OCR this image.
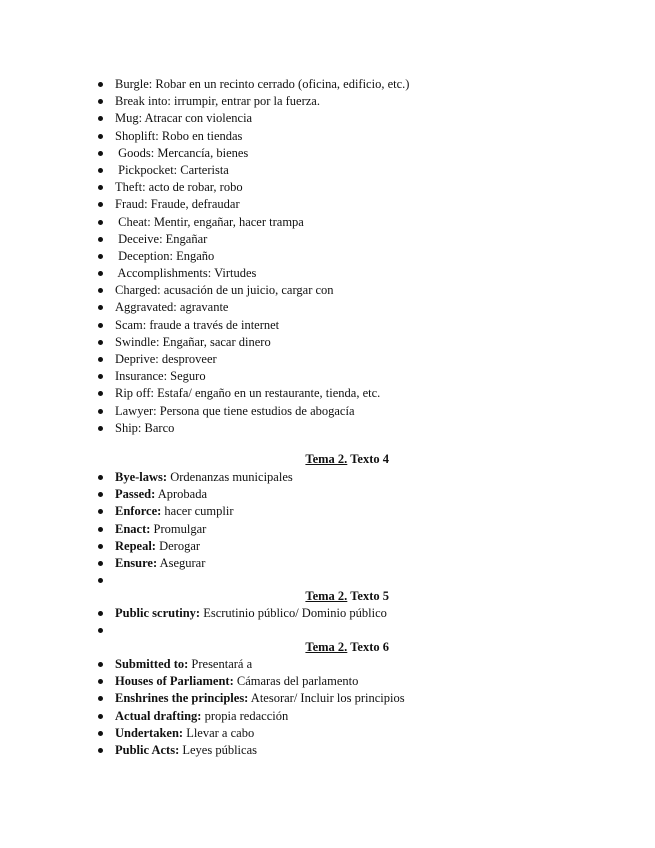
Burgle: Robar en un recinto cerrado (oficina, edificio, etc.)
Break into: irrumpir, entrar por la fuerza.
Mug: Atracar con violencia
Shoplift: Robo en tiendas
Goods: Mercancía, bienes
Pickpocket: Carterista
Theft: acto de robar, robo
Fraud: Fraude, defraudar
Cheat: Mentir, engañar, hacer trampa
Deceive: Engañar
Deception: Engaño
Accomplishments: Virtudes
Charged: acusación de un juicio, cargar con
Aggravated: agravante
Scam: fraude a través de internet
Swindle: Engañar, sacar dinero
Deprive: desproveer
Insurance: Seguro
Rip off: Estafa/ engaño en un restaurante, tienda, etc.
Lawyer: Persona que tiene estudios de abogacía
Ship: Barco
Tema 2. Texto 4
Bye-laws: Ordenanzas municipales
Passed: Aprobada
Enforce: hacer cumplir
Enact: Promulgar
Repeal: Derogar
Ensure: Asegurar
Tema 2. Texto 5
Public scrutiny: Escrutinio público/ Dominio público
Tema 2. Texto 6
Submitted to: Presentará a
Houses of Parliament: Cámaras del parlamento
Enshrines the principles: Atesorar/ Incluir los principios
Actual drafting: propia redacción
Undertaken: Llevar a cabo
Public Acts: Leyes públicas
